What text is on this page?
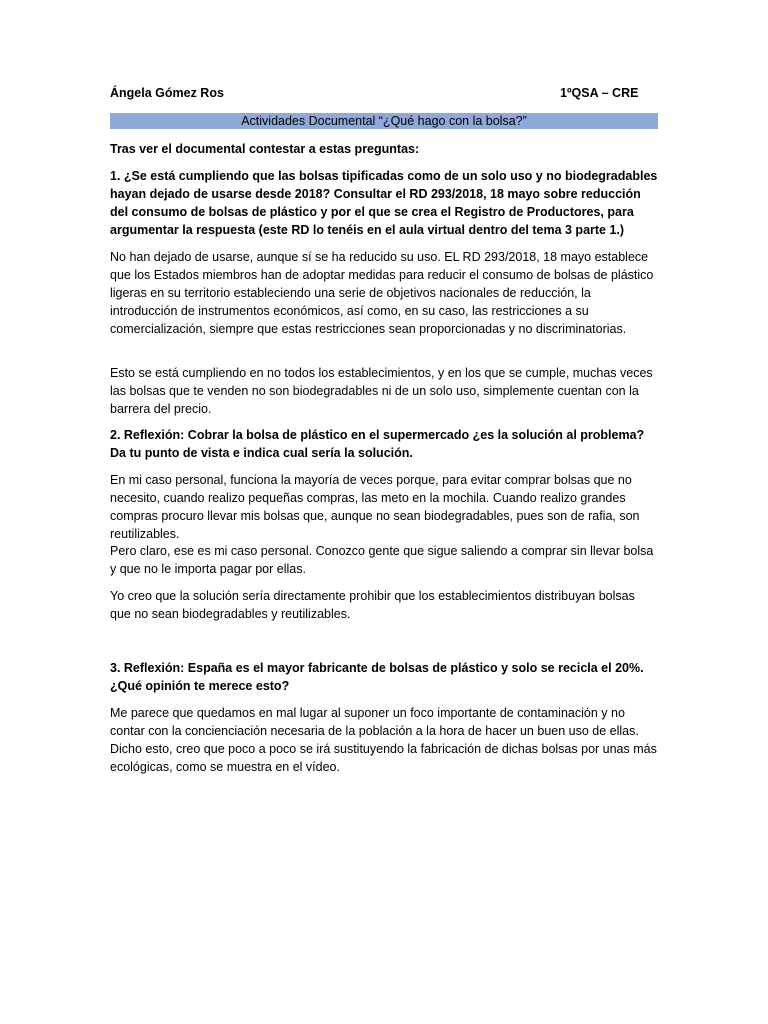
Ángela Gómez Ros	1ºQSA – CRE
Actividades Documental “¿Qué hago con la bolsa?”
Tras ver el documental contestar a estas preguntas:
1. ¿Se está cumpliendo que las bolsas tipificadas como de un solo uso y no biodegradables hayan dejado de usarse desde 2018? Consultar el RD 293/2018, 18 mayo sobre reducción del consumo de bolsas de plástico y por el que se crea el Registro de Productores, para argumentar la respuesta (este RD lo tenéis en el aula virtual dentro del tema 3 parte 1.)
No han dejado de usarse, aunque sí se ha reducido su uso. EL RD 293/2018, 18 mayo establece que los Estados miembros han de adoptar medidas para reducir el consumo de bolsas de plástico ligeras en su territorio estableciendo una serie de objetivos nacionales de reducción, la introducción de instrumentos económicos, así como, en su caso, las restricciones a su comercialización, siempre que estas restricciones sean proporcionadas y no discriminatorias.
Esto se está cumpliendo en no todos los establecimientos, y en los que se cumple, muchas veces las bolsas que te venden no son biodegradables ni de un solo uso, simplemente cuentan con la barrera del precio.
2. Reflexión: Cobrar la bolsa de plástico en el supermercado ¿es la solución al problema? Da tu punto de vista e indica cual sería la solución.
En mi caso personal, funciona la mayoría de veces porque, para evitar comprar bolsas que no necesito, cuando realizo pequeñas compras, las meto en la mochila. Cuando realizo grandes compras procuro llevar mis bolsas que, aunque no sean biodegradables, pues son de rafia, son reutilizables.
Pero claro, ese es mi caso personal. Conozco gente que sigue saliendo a comprar sin llevar bolsa y que no le importa pagar por ellas.
Yo creo que la solución sería directamente prohibir que los establecimientos distribuyan bolsas que no sean biodegradables y reutilizables.
3. Reflexión: España es el mayor fabricante de bolsas de plástico y solo se recicla el 20%. ¿Qué opinión te merece esto?
Me parece que quedamos en mal lugar al suponer un foco importante de contaminación y no contar con la concienciación necesaria de la población a la hora de hacer un buen uso de ellas. Dicho esto, creo que poco a poco se irá sustituyendo la fabricación de dichas bolsas por unas más ecológicas, como se muestra en el vídeo.
